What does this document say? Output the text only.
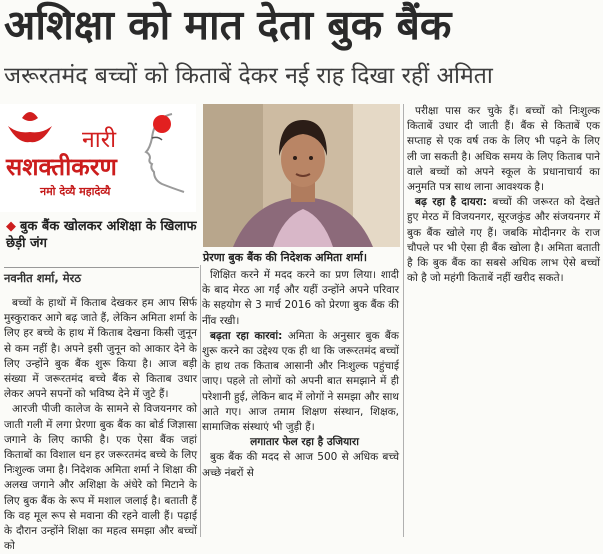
अशिक्षा को मात देता बुक बैंक
जरूरतमंद बच्चों को किताबें देकर नई राह दिखा रहीं अमिता
नारी
सशक्तीकरण
नमो देव्यै महादेव्यै
◆ बुक बैंक खोलकर अशिक्षा के खिलाफ छेड़ी जंग
नवनीत शर्मा, मेरठ

बच्चों के हाथों में किताब देखकर हम आप सिर्फ मुस्कुराकर आगे बढ़ जाते हैं, लेकिन अमिता शर्मा के लिए हर बच्चे के हाथ में किताब देखना किसी जुनून से कम नहीं है। अपने इसी जुनून को आकार देने के लिए उन्होंने बुक बैंक शुरू किया है। आज बड़ी संख्या में जरूरतमंद बच्चे बैंक से किताब उधार लेकर अपने सपनों को भविष्य देने में जुटे हैं।

आरजी पीजी कालेज के सामने से विजयनगर को जाती गली में लगा प्रेरणा बुक बैंक का बोर्ड जिज्ञासा जगाने के लिए काफी है। एक ऐसा बैंक जहां किताबों का विशाल धन हर जरूरतमंद बच्चे के लिए निःशुल्क जमा है। निदेशक अमिता शर्मा ने शिक्षा की अलख जगाने और अशिक्षा के अंधेरे को मिटाने के लिए बुक बैंक के रूप में मशाल जलाई है। बताती हैं कि वह मूल रूप से मवाना की रहने वाली हैं। पढ़ाई के दौरान उन्होंने शिक्षा का महत्व समझा और बच्चों को

प्रेरणा बुक बैंक की निदेशक अमिता शर्मा।

शिक्षित करने में मदद करने का प्रण लिया। शादी के बाद मेरठ आ गईं और यहीं उन्होंने अपने परिवार के सहयोग से 3 मार्च 2016 को प्रेरणा बुक बैंक की नींव रखी।

बढ़ता रहा कारवां: अमिता के अनुसार बुक बैंक शुरू करने का उद्देश्य एक ही था कि जरूरतमंद बच्चों के हाथ तक किताब आसानी और निःशुल्क पहुंचाई जाए। पहले तो लोगों को अपनी बात समझाने में ही परेशानी हुई, लेकिन बाद में लोगों ने समझा और साथ आते गए। आज तमाम शिक्षण संस्थान, शिक्षक, सामाजिक संस्थाएं भी जुड़ी हैं।

लगातार फेल रहा है उजियारा

बुक बैंक की मदद से आज 500 से अधिक बच्चे अच्छे नंबरों से

परीक्षा पास कर चुके हैं। बच्चों को निःशुल्क किताबें उधार दी जाती हैं। बैंक से किताबें एक सप्ताह से एक वर्ष तक के लिए भी पढ़ने के लिए ली जा सकती है। अधिक समय के लिए किताब पाने वाले बच्चों को अपने स्कूल के प्रधानाचार्य का अनुमति पत्र साथ लाना आवश्यक है।

बढ़ रहा है दायरा: बच्चों की जरूरत को देखते हुए मेरठ में विजयनगर, सूरजकुंड और संजयनगर में बुक बैंक खोले गए हैं। जबकि मोदीनगर के राज चौपले पर भी ऐसा ही बैंक खोला है। अमिता बताती है कि बुक बैंक का सबसे अधिक लाभ ऐसे बच्चों को है जो महंगी किताबें नहीं खरीद सकते।
